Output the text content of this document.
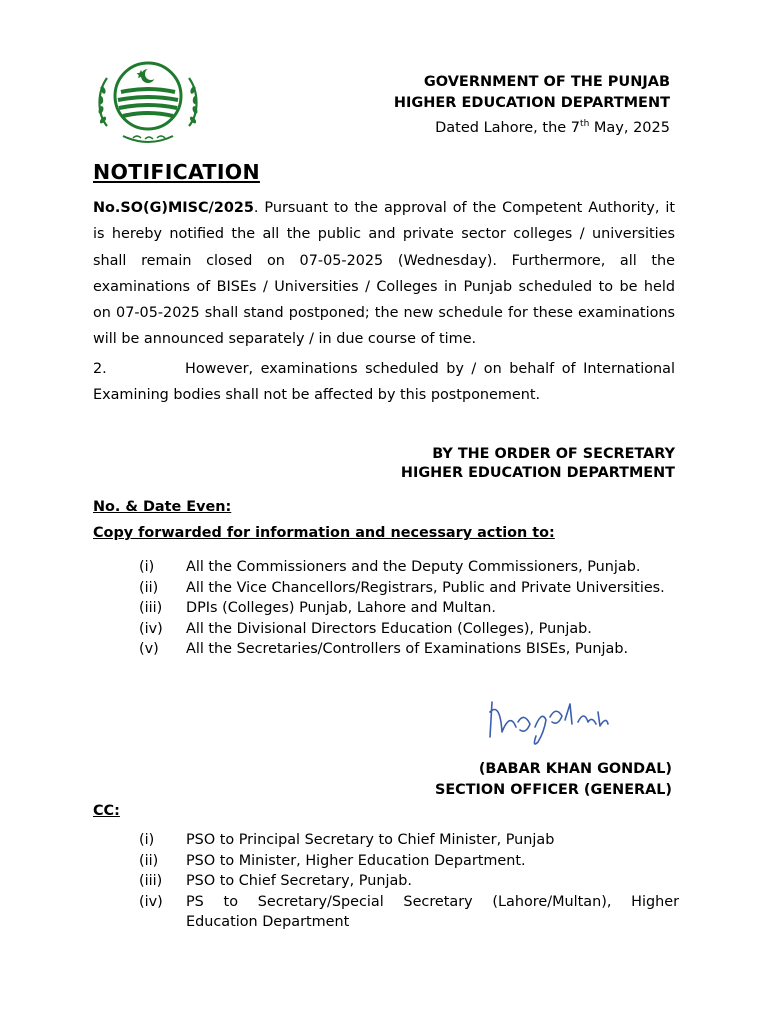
GOVERNMENT OF THE PUNJAB
HIGHER EDUCATION DEPARTMENT
Dated Lahore, the 7th May, 2025
NOTIFICATION
No.SO(G)MISC/2025. Pursuant to the approval of the Competent Authority, it is hereby notified the all the public and private sector colleges / universities shall remain closed on 07-05-2025 (Wednesday). Furthermore, all the examinations of BISEs / Universities / Colleges in Punjab scheduled to be held on 07-05-2025 shall stand postponed; the new schedule for these examinations will be announced separately / in due course of time.
2.	However, examinations scheduled by / on behalf of International Examining bodies shall not be affected by this postponement.
BY THE ORDER OF SECRETARY
HIGHER EDUCATION DEPARTMENT
No. & Date Even:
Copy forwarded for information and necessary action to:
(i)	All the Commissioners and the Deputy Commissioners, Punjab.
(ii)	All the Vice Chancellors/Registrars, Public and Private Universities.
(iii)	DPIs (Colleges) Punjab, Lahore and Multan.
(iv)	All the Divisional Directors Education (Colleges), Punjab.
(v)	All the Secretaries/Controllers of Examinations BISEs, Punjab.
(BABAR KHAN GONDAL)
SECTION OFFICER (GENERAL)
CC:
(i)	PSO to Principal Secretary to Chief Minister, Punjab
(ii)	PSO to Minister, Higher Education Department.
(iii)	PSO to Chief Secretary, Punjab.
(iv)	PS to Secretary/Special Secretary (Lahore/Multan), Higher Education Department
